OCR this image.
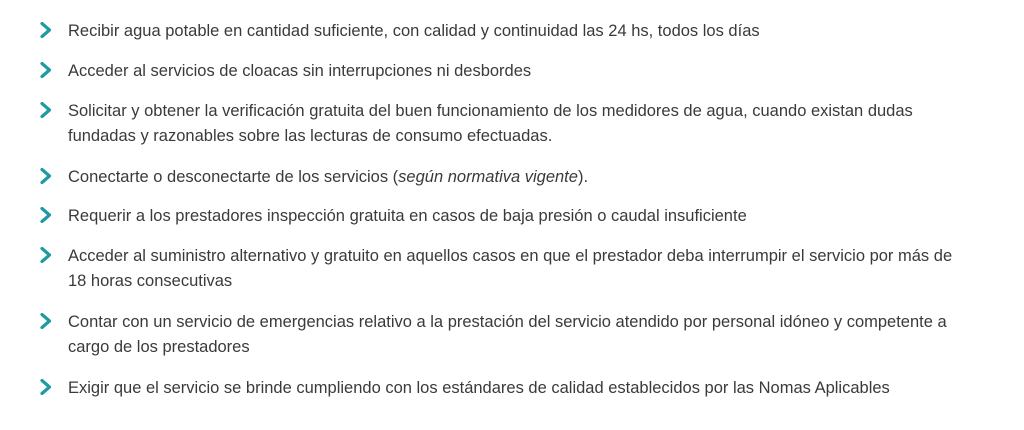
Recibir agua potable en cantidad suficiente, con calidad y continuidad las 24 hs, todos los días
Acceder al servicios de cloacas sin interrupciones ni desbordes
Solicitar y obtener la verificación gratuita del buen funcionamiento de los medidores de agua, cuando existan dudas fundadas y razonables sobre las lecturas de consumo efectuadas.
Conectarte o desconectarte de los servicios (según normativa vigente).
Requerir a los prestadores inspección gratuita en casos de baja presión o caudal insuficiente
Acceder al suministro alternativo y gratuito en aquellos casos en que el prestador deba interrumpir el servicio por más de 18 horas consecutivas
Contar con un servicio de emergencias relativo a la prestación del servicio atendido por personal idóneo y competente a cargo de los prestadores
Exigir que el servicio se brinde cumpliendo con los estándares de calidad establecidos por las Nomas Aplicables
